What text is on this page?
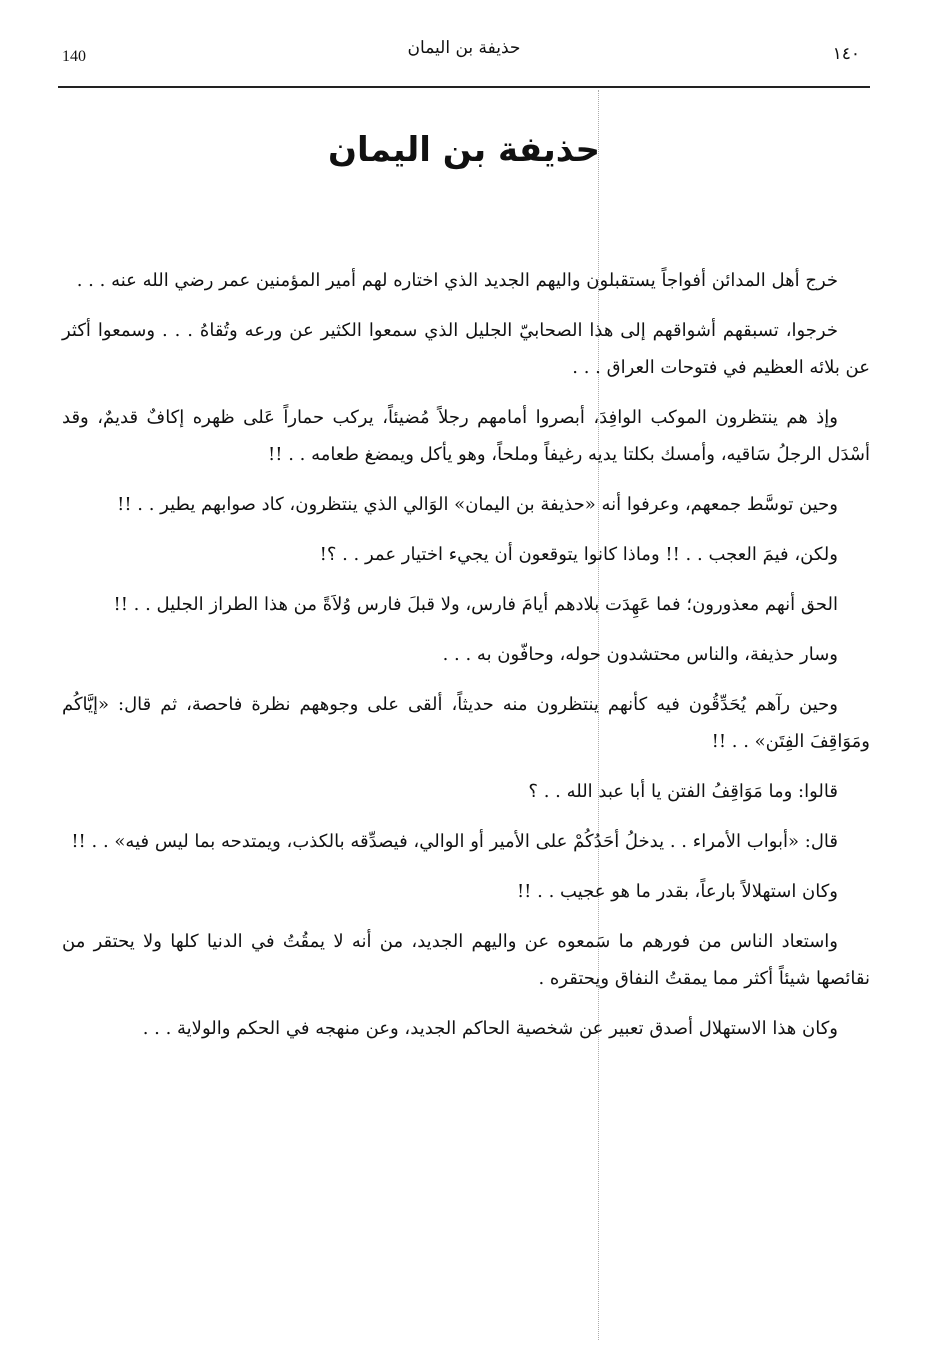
140	حذيفة بن اليمان	١٤٠
حذيفة بن اليمان

خرج أهل المدائن أفواجاً يستقبلون واليهم الجديد الذي اختاره لهم أمير المؤمنين عمر رضي الله عنه . . .

خرجوا، تسبقهم أشواقهم إلى هذا الصحابيّ الجليل الذي سمعوا الكثير عن ورعه وتُقاهُ . . . وسمعوا أكثر عن بلائه العظيم في فتوحات العراق . . .

وإذ هم ينتظرون الموكب الوافِدَ، أبصروا أمامهم رجلاً مُضيئاً، يركب حماراً عَلى ظهره إكافٌ قديمٌ، وقد أسْدَل الرجلُ سَاقيه، وأمسك بكلتا يديه رغيفاً وملحاً، وهو يأكل ويمضغ طعامه . . !!

وحين توسَّط جمعهم، وعرفوا أنه «حذيفة بن اليمان» الوَالي الذي ينتظرون، كاد صوابهم يطير . . !!

ولكن، فيمَ العجب . . !! وماذا كانوا يتوقعون أن يجيء اختيار عمر . . ؟!

الحق أنهم معذورون؛ فما عَهِدَت بلادهم أيامَ فارس، ولا قبلَ فارس وُلاَةً من هذا الطراز الجليل . . !!

وسار حذيفة، والناس محتشدون حوله، وحافّون به . . .

وحين رآهم يُحَدِّقُون فيه كأنهم ينتظرون منه حديثاً، ألقى على وجوههم نظرة فاحصة، ثم قال: «إيَّاكُم ومَوَاقِفَ الفِتَن» . . !!

قالوا: وما مَوَاقِفُ الفتن يا أبا عبد الله . . ؟

قال: «أبواب الأمراء . . يدخلُ أحَدُكُمْ على الأمير أو الوالي، فيصدِّقه بالكذب، ويمتدحه بما ليس فيه» . . !!

وكان استهلالاً بارعاً، بقدر ما هو عجيب . . !!

واستعاد الناس من فورهم ما سَمعوه عن واليهم الجديد، من أنه لا يمقُتُ في الدنيا كلها ولا يحتقر من نقائصها شيئاً أكثر مما يمقتُ النفاق ويحتقره .

وكان هذا الاستهلال أصدق تعبير عن شخصية الحاكم الجديد، وعن منهجه في الحكم والولاية . . .
